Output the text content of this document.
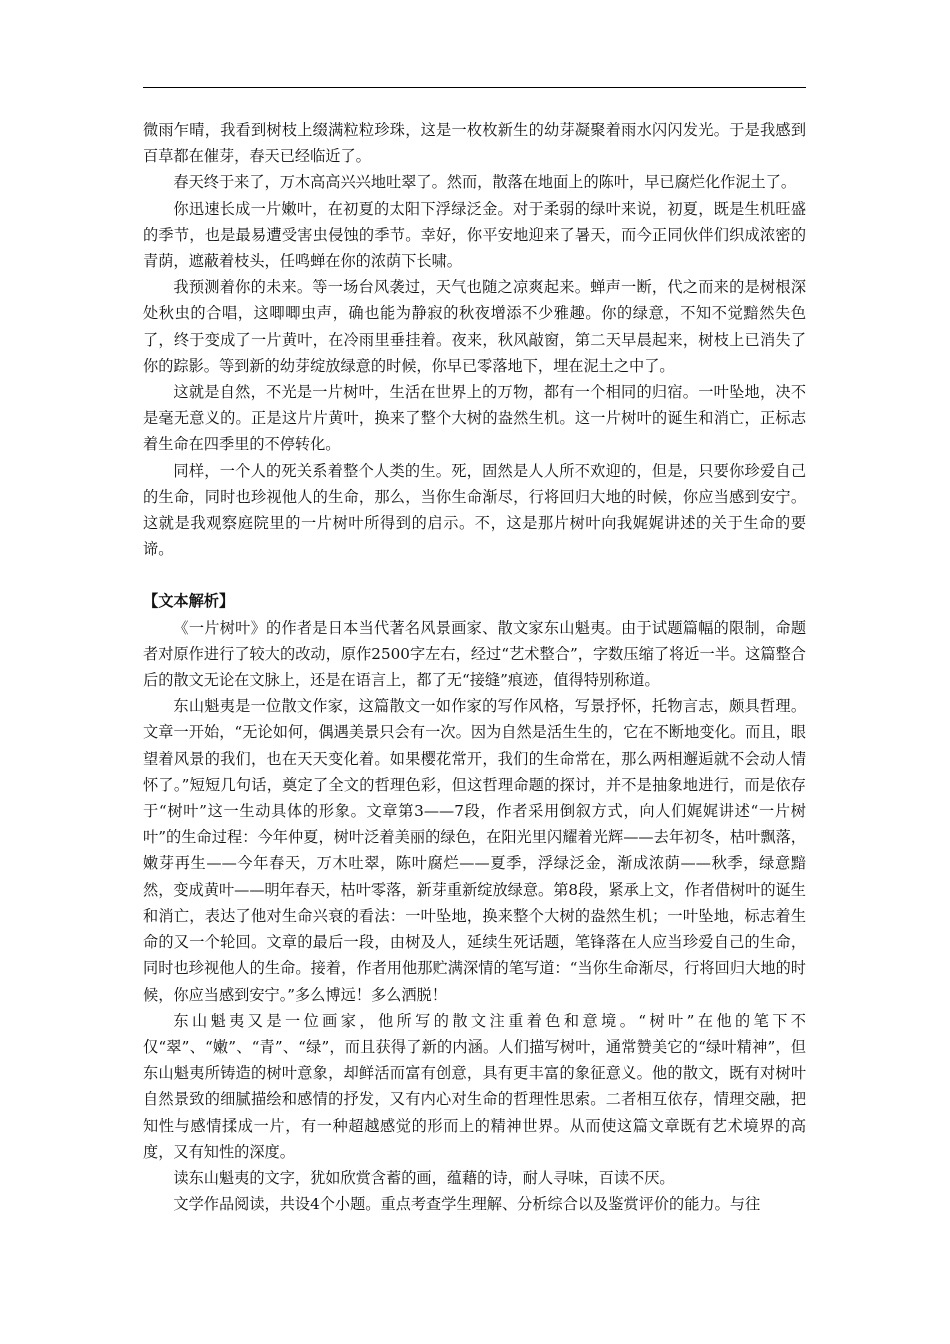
微雨乍晴，我看到树枝上缀满粒粒珍珠，这是一枚枚新生的幼芽凝聚着雨水闪闪发光。于是我感到百草都在催芽，春天已经临近了。

春天终于来了，万木高高兴兴地吐翠了。然而，散落在地面上的陈叶，早已腐烂化作泥土了。

你迅速长成一片嫩叶，在初夏的太阳下浮绿泛金。对于柔弱的绿叶来说，初夏，既是生机旺盛的季节，也是最易遭受害虫侵蚀的季节。幸好，你平安地迎来了暑天，而今正同伙伴们织成浓密的青荫，遮蔽着枝头，任鸣蝉在你的浓荫下长啸。

我预测着你的未来。等一场台风袭过，天气也随之凉爽起来。蝉声一断，代之而来的是树根深处秋虫的合唱，这唧唧虫声，确也能为静寂的秋夜增添不少雅趣。你的绿意，不知不觉黯然失色了，终于变成了一片黄叶，在冷雨里垂挂着。夜来，秋风敲窗，第二天早晨起来，树枝上已消失了你的踪影。等到新的幼芽绽放绿意的时候，你早已零落地下，埋在泥土之中了。

这就是自然，不光是一片树叶，生活在世界上的万物，都有一个相同的归宿。一叶坠地，决不是毫无意义的。正是这片片黄叶，换来了整个大树的盎然生机。这一片树叶的诞生和消亡，正标志着生命在四季里的不停转化。

同样，一个人的死关系着整个人类的生。死，固然是人人所不欢迎的，但是，只要你珍爱自己的生命，同时也珍视他人的生命，那么，当你生命渐尽，行将回归大地的时候，你应当感到安宁。这就是我观察庭院里的一片树叶所得到的启示。不，这是那片树叶向我娓娓讲述的关于生命的要谛。

【文本解析】

《一片树叶》的作者是日本当代著名风景画家、散文家东山魁夷。由于试题篇幅的限制，命题者对原作进行了较大的改动，原作2500字左右，经过“艺术整合”，字数压缩了将近一半。这篇整合后的散文无论在文脉上，还是在语言上，都了无“接缝”痕迹，值得特别称道。

东山魁夷是一位散文作家，这篇散文一如作家的写作风格，写景抒怀，托物言志，颇具哲理。文章一开始，“无论如何，偶遇美景只会有一次。因为自然是活生生的，它在不断地变化。而且，眼望着风景的我们，也在天天变化着。如果樱花常开，我们的生命常在，那么两相邂逅就不会动人情怀了。”短短几句话，奠定了全文的哲理色彩，但这哲理命题的探讨，并不是抽象地进行，而是依存于“树叶”这一生动具体的形象。文章第3——7段，作者采用倒叙方式，向人们娓娓讲述“一片树叶”的生命过程：今年仲夏，树叶泛着美丽的绿色，在阳光里闪耀着光辉——去年初冬，枯叶飘落，嫩芽再生——今年春天，万木吐翠，陈叶腐烂——夏季，浮绿泛金，渐成浓荫——秋季，绿意黯然，变成黄叶——明年春天，枯叶零落，新芽重新绽放绿意。第8段，紧承上文，作者借树叶的诞生和消亡，表达了他对生命兴衰的看法：一叶坠地，换来整个大树的盎然生机；一叶坠地，标志着生命的又一个轮回。文章的最后一段，由树及人，延续生死话题，笔锋落在人应当珍爱自己的生命，同时也珍视他人的生命。接着，作者用他那贮满深情的笔写道：“当你生命渐尽，行将回归大地的时候，你应当感到安宁。”多么博远！多么洒脱！

东山魁夷又是一位画家，他所写的散文注重着色和意境。“树叶”在他的笔下不仅“翠”、“嫩”、“青”、“绿”，而且获得了新的内涵。人们描写树叶，通常赞美它的“绿叶精神”，但东山魁夷所铸造的树叶意象，却鲜活而富有创意，具有更丰富的象征意义。他的散文，既有对树叶自然景致的细腻描绘和感情的抒发，又有内心对生命的哲理性思索。二者相互依存，情理交融，把知性与感情揉成一片，有一种超越感觉的形而上的精神世界。从而使这篇文章既有艺术境界的高度，又有知性的深度。

读东山魁夷的文字，犹如欣赏含蓄的画，蕴藉的诗，耐人寻味，百读不厌。

文学作品阅读，共设4个小题。重点考查学生理解、分析综合以及鉴赏评价的能力。与往
